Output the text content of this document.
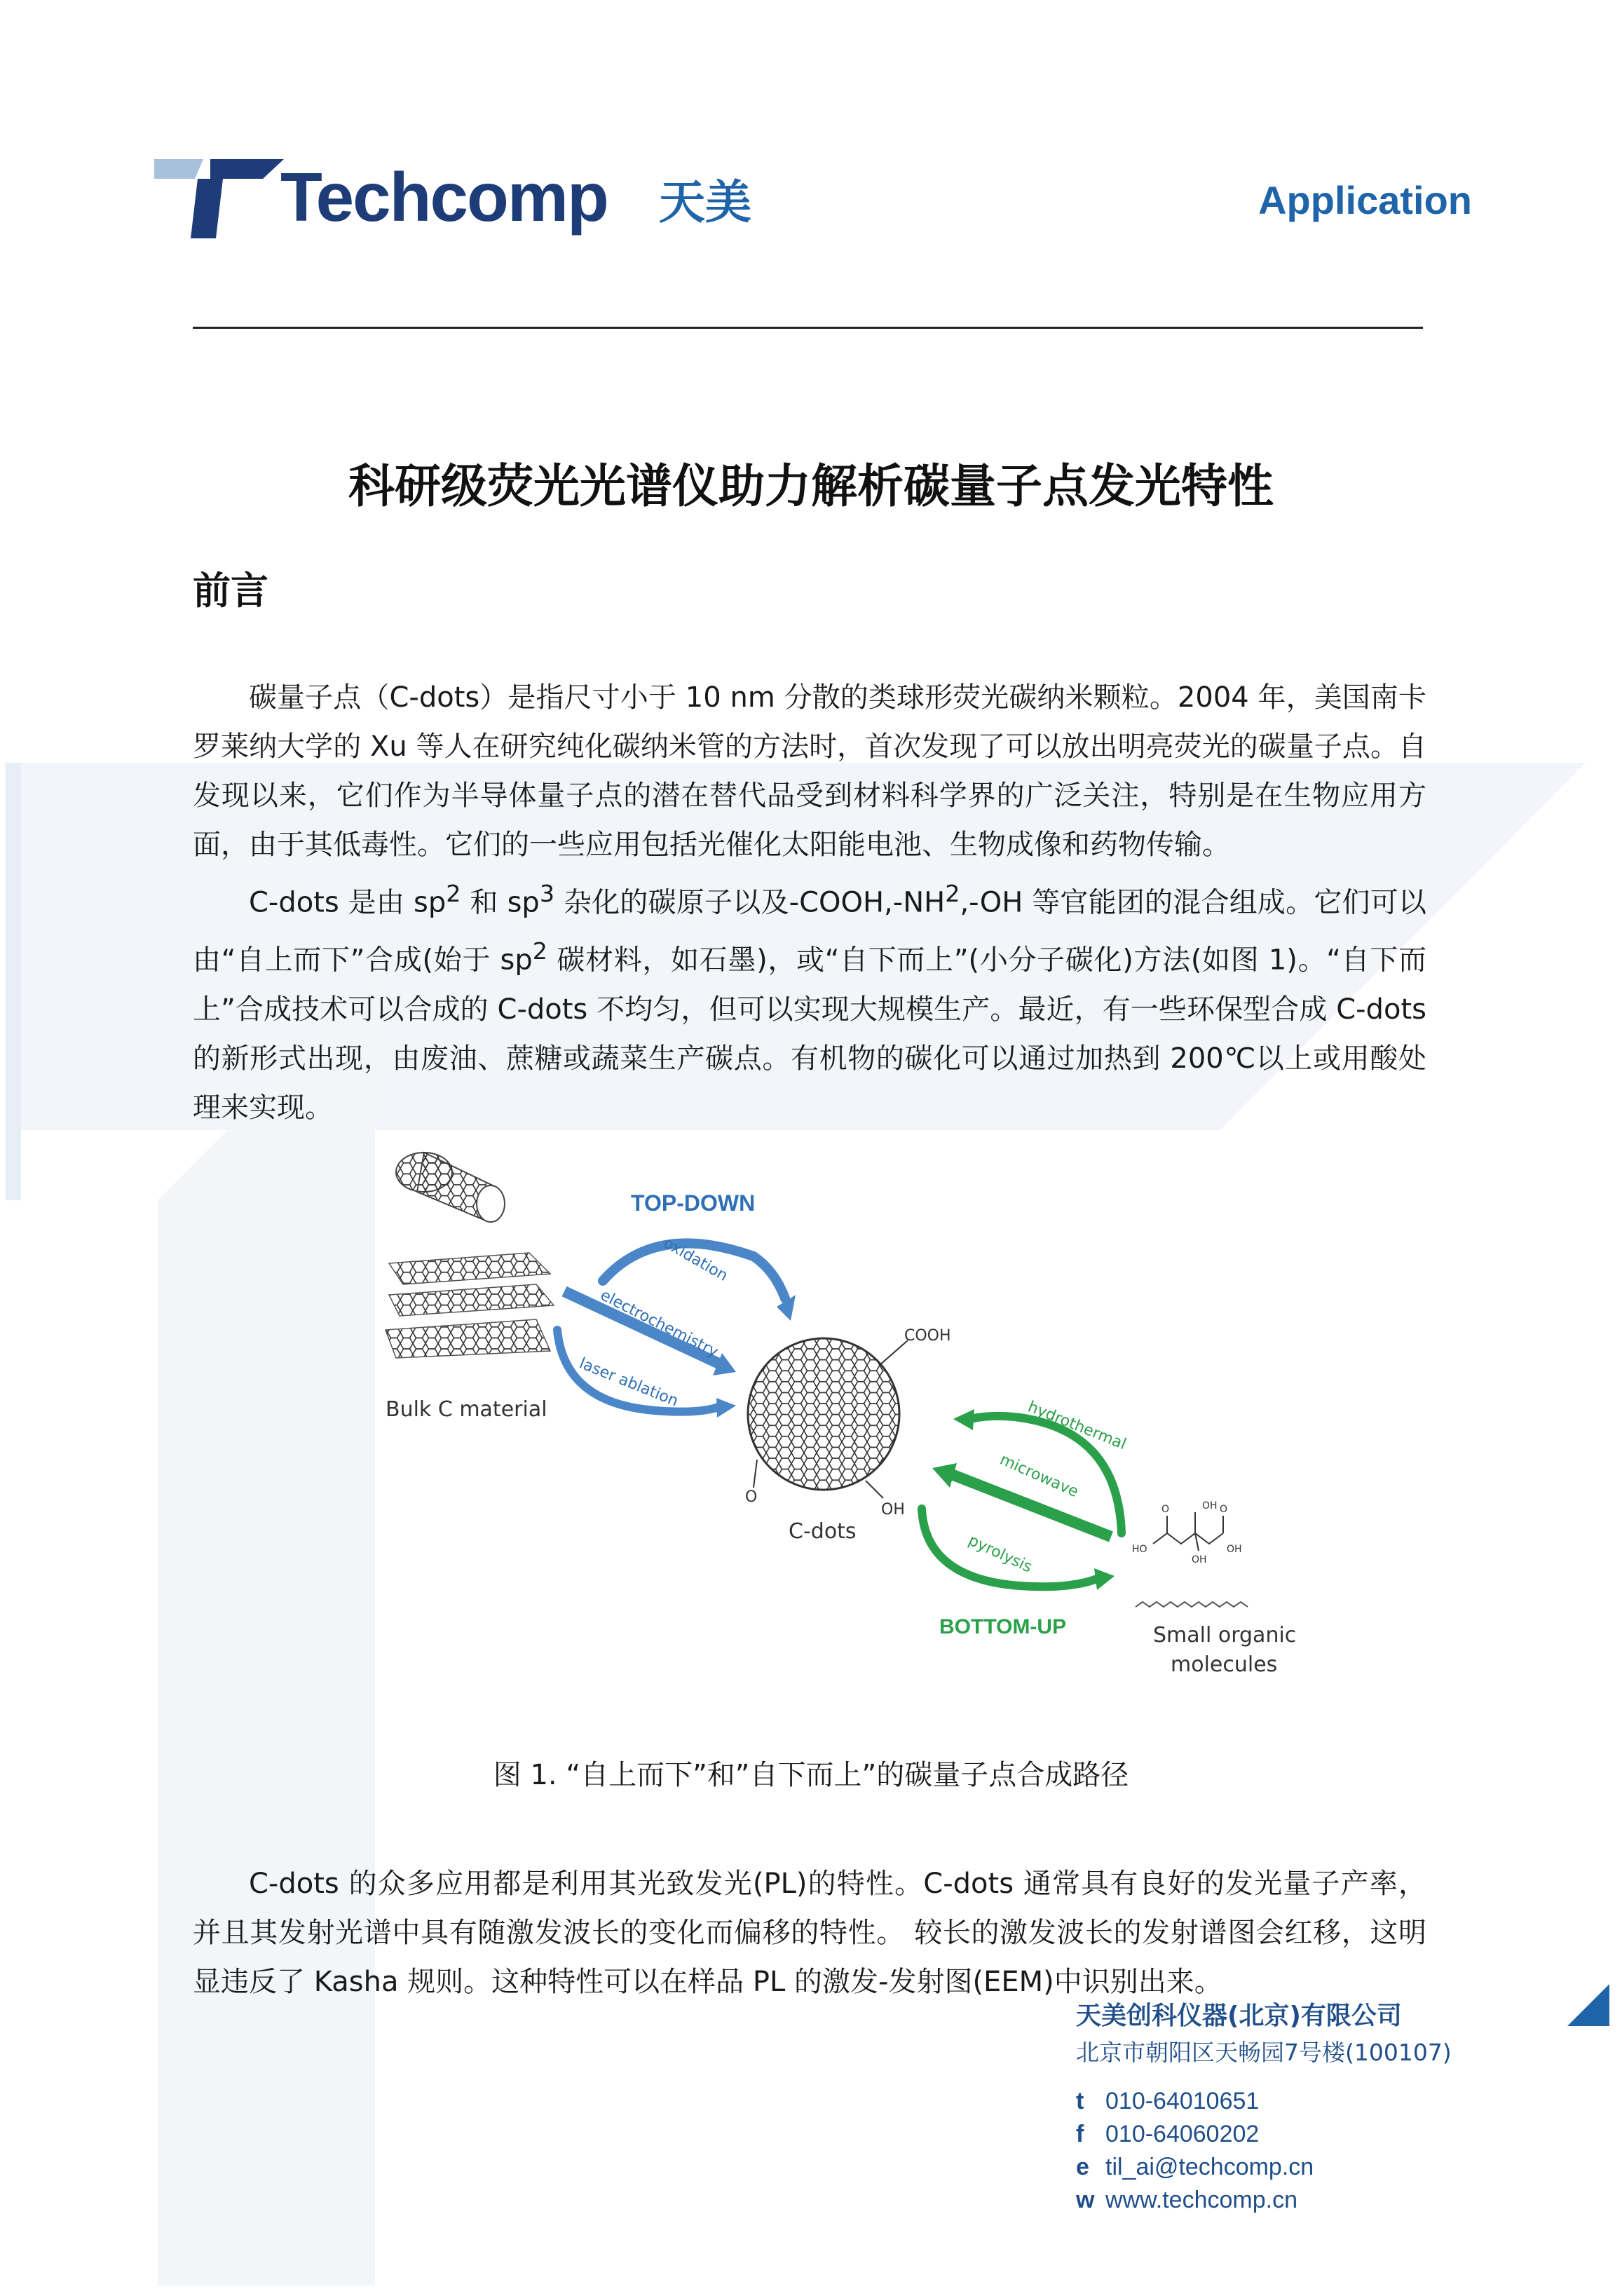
Techcomp 天美	Application
科研级荧光光谱仪助力解析碳量子点发光特性
前言

碳量子点（C-dots）是指尺寸小于 10 nm 分散的类球形荧光碳纳米颗粒。2004 年，美国南卡罗莱纳大学的 Xu 等人在研究纯化碳纳米管的方法时，首次发现了可以放出明亮荧光的碳量子点。自发现以来，它们作为半导体量子点的潜在替代品受到材料科学界的广泛关注，特别是在生物应用方面，由于其低毒性。它们的一些应用包括光催化太阳能电池、生物成像和药物传输。

C-dots 是由 $sp^2$ 和 $sp^3$ 杂化的碳原子以及$-COOH,-NH^2,-OH$ 等官能团的混合组成。它们可以由“自上而下”合成(始于 $sp^2$ 碳材料，如石墨)，或“自下而上”(小分子碳化)方法(如图 1)。“自下而上”合成技术可以合成的 C-dots 不均匀，但可以实现大规模生产。最近，有一些环保型合成 C-dots 的新形式出现，由废油、蔗糖或蔬菜生产碳点。有机物的碳化可以通过加热到 200℃以上或用酸处理来实现。

Bulk C material
TOP-DOWN
oxidation
electrochemistry
laser ablation
COOH
OH
O
C-dots
hydrothermal
microwave
pyrolysis
BOTTOM-UP
HO	OH
OH
OH
O	O
Small organic
molecules
图 1. “自上而下”和”自下而上”的碳量子点合成路径

C-dots 的众多应用都是利用其光致发光(PL)的特性。C-dots 通常具有良好的发光量子产率，并且其发射光谱中具有随激发波长的变化而偏移的特性。 较长的激发波长的发射谱图会红移，这明显违反了 Kasha 规则。这种特性可以在样品 PL 的激发-发射图(EEM)中识别出来。

天美创科仪器(北京)有限公司
北京市朝阳区天畅园7号楼(100107)
t 010-64010651
f 010-64060202
e til_ai@techcomp.cn
w www.techcomp.cn
